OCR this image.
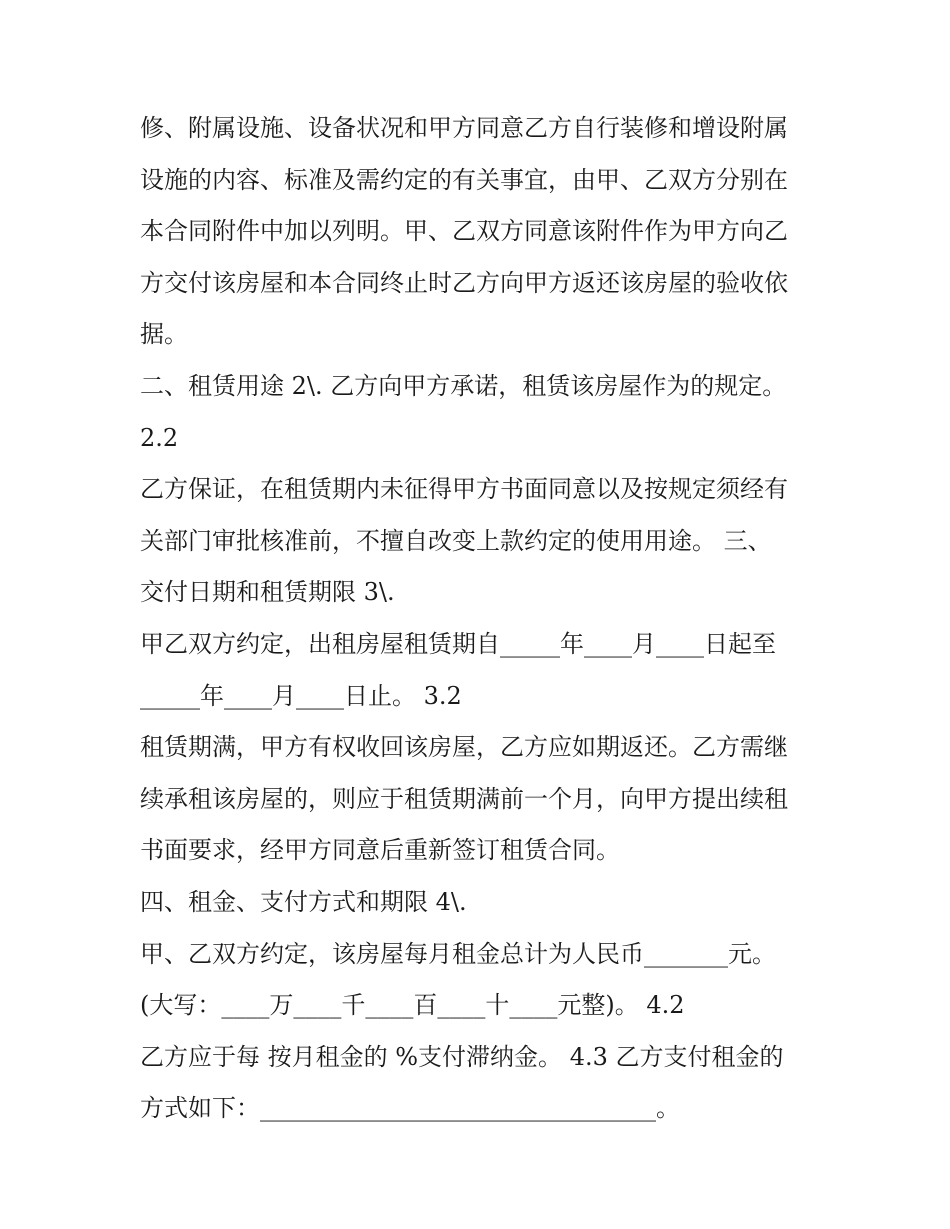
修、附属设施、设备状况和甲方同意乙方自行装修和增设附属
设施的内容、标准及需约定的有关事宜，由甲、乙双方分别在
本合同附件中加以列明。甲、乙双方同意该附件作为甲方向乙
方交付该房屋和本合同终止时乙方向甲方返还该房屋的验收依
据。
二、租赁用途 2\. 乙方向甲方承诺，租赁该房屋作为的规定。
2.2
乙方保证，在租赁期内未征得甲方书面同意以及按规定须经有
关部门审批核准前，不擅自改变上款约定的使用用途。 三、
交付日期和租赁期限 3\.
甲乙双方约定，出租房屋租赁期自_____年____月____日起至
_____年____月____日止。 3.2
租赁期满，甲方有权收回该房屋，乙方应如期返还。乙方需继
续承租该房屋的，则应于租赁期满前一个月，向甲方提出续租
书面要求，经甲方同意后重新签订租赁合同。
四、租金、支付方式和期限 4\.
甲、乙双方约定，该房屋每月租金总计为人民币_______元。
(大写：____万____千____百____十____元整)。 4.2
乙方应于每 按月租金的 %支付滞纳金。 4.3 乙方支付租金的
方式如下：_________________________________。
